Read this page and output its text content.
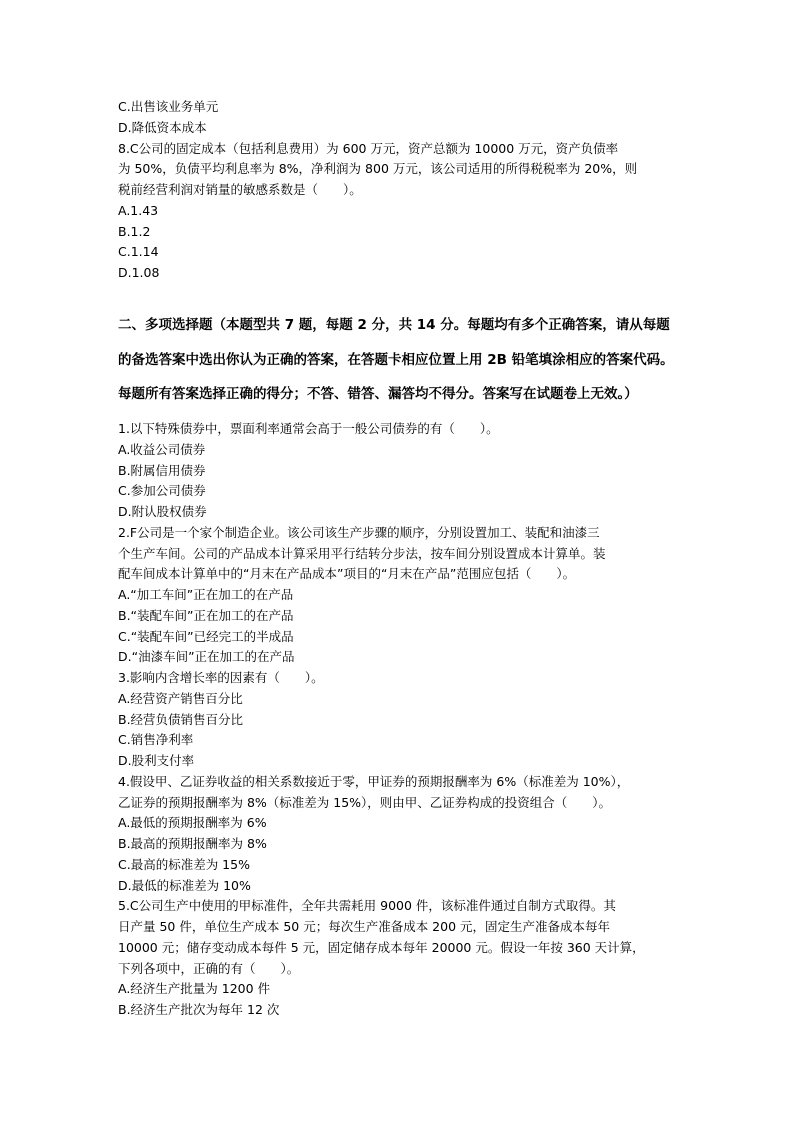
C.出售该业务单元
D.降低资本成本
8.C公司的固定成本（包括利息费用）为 600 万元，资产总额为 10000 万元，资产负债率
为 50%，负债平均利息率为 8%，净利润为 800 万元，该公司适用的所得税税率为 20%，则
税前经营利润对销量的敏感系数是（　　）。
A.1.43
B.1.2
C.1.14
D.1.08
二、多项选择题（本题型共 7 题，每题 2 分，共 14 分。每题均有多个正确答案，请从每题
的备选答案中选出你认为正确的答案，在答题卡相应位置上用 2B 铅笔填涂相应的答案代码。
每题所有答案选择正确的得分；不答、错答、漏答均不得分。答案写在试题卷上无效。）
1.以下特殊债券中，票面利率通常会高于一般公司债券的有（　　）。
A.收益公司债券
B.附属信用债券
C.参加公司债券
D.附认股权债券
2.F公司是一个家个制造企业。该公司该生产步骤的顺序，分别设置加工、装配和油漆三
个生产车间。公司的产品成本计算采用平行结转分步法，按车间分别设置成本计算单。装
配车间成本计算单中的“月末在产品成本”项目的“月末在产品”范围应包括（　　）。
A.“加工车间”正在加工的在产品
B.“装配车间”正在加工的在产品
C.“装配车间”已经完工的半成品
D.“油漆车间”正在加工的在产品
3.影响内含增长率的因素有（　　）。
A.经营资产销售百分比
B.经营负债销售百分比
C.销售净利率
D.股利支付率
4.假设甲、乙证券收益的相关系数接近于零，甲证券的预期报酬率为 6%（标准差为 10%），
乙证券的预期报酬率为 8%（标准差为 15%），则由甲、乙证券构成的投资组合（　　）。
A.最低的预期报酬率为 6%
B.最高的预期报酬率为 8%
C.最高的标准差为 15%
D.最低的标准差为 10%
5.C公司生产中使用的甲标准件，全年共需耗用 9000 件，该标准件通过自制方式取得。其
日产量 50 件，单位生产成本 50 元；每次生产准备成本 200 元，固定生产准备成本每年
10000 元；储存变动成本每件 5 元，固定储存成本每年 20000 元。假设一年按 360 天计算，
下列各项中，正确的有（　　）。
A.经济生产批量为 1200 件
B.经济生产批次为每年 12 次
